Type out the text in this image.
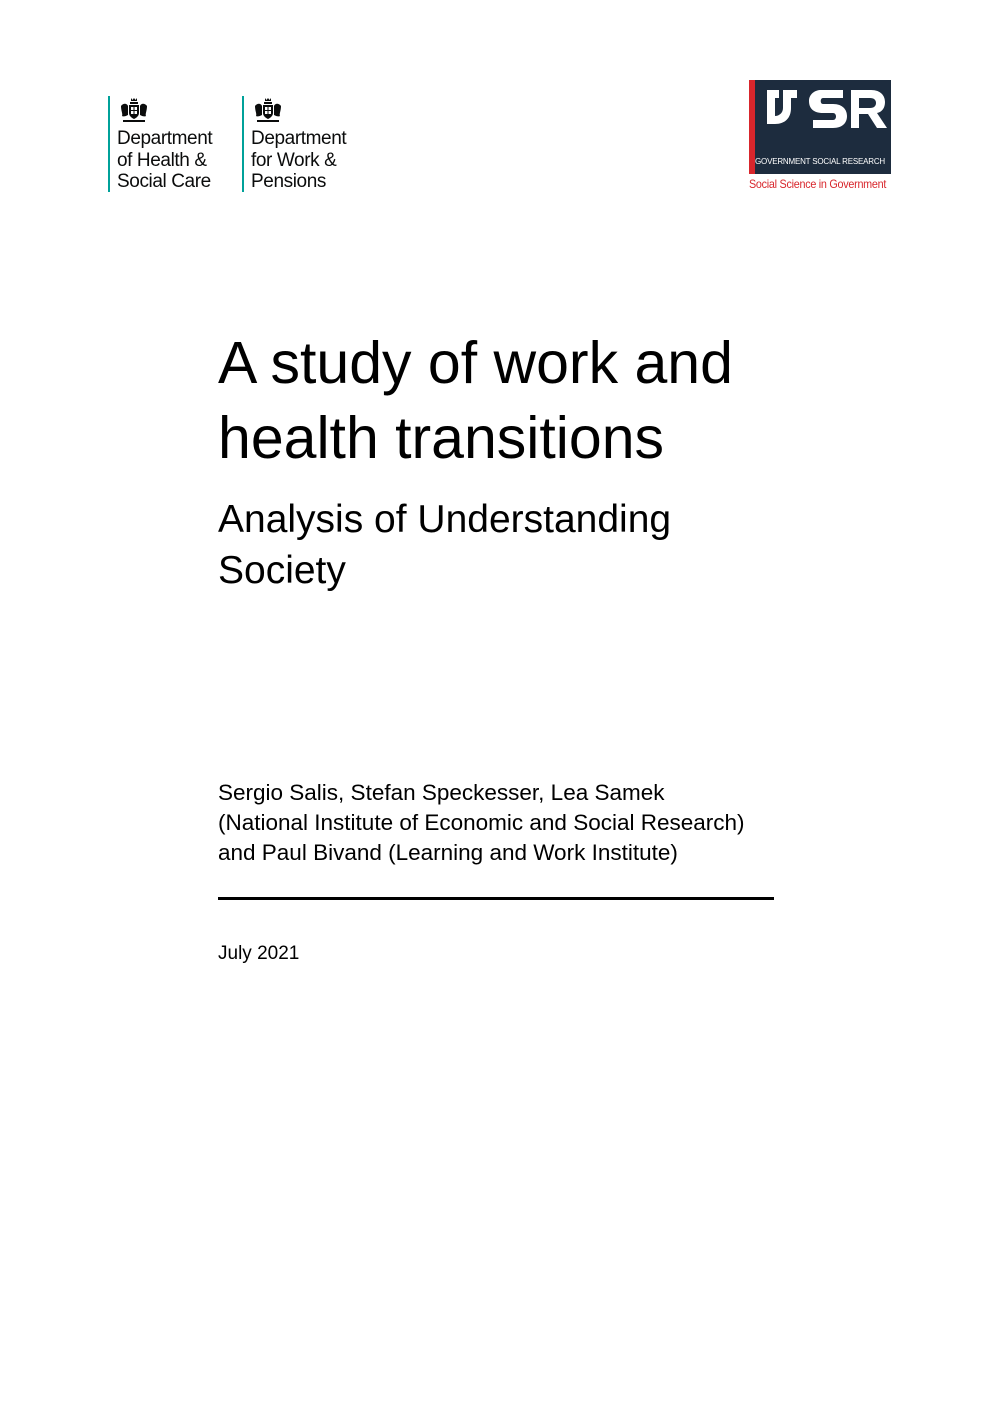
Department
of Health &
Social Care
Department
for Work &
Pensions
GOVERNMENT SOCIAL RESEARCH
Social Science in Government
A study of work and
health transitions
Analysis of Understanding
Society
Sergio Salis, Stefan Speckesser, Lea Samek
(National Institute of Economic and Social Research)
and Paul Bivand (Learning and Work Institute)
July 2021
